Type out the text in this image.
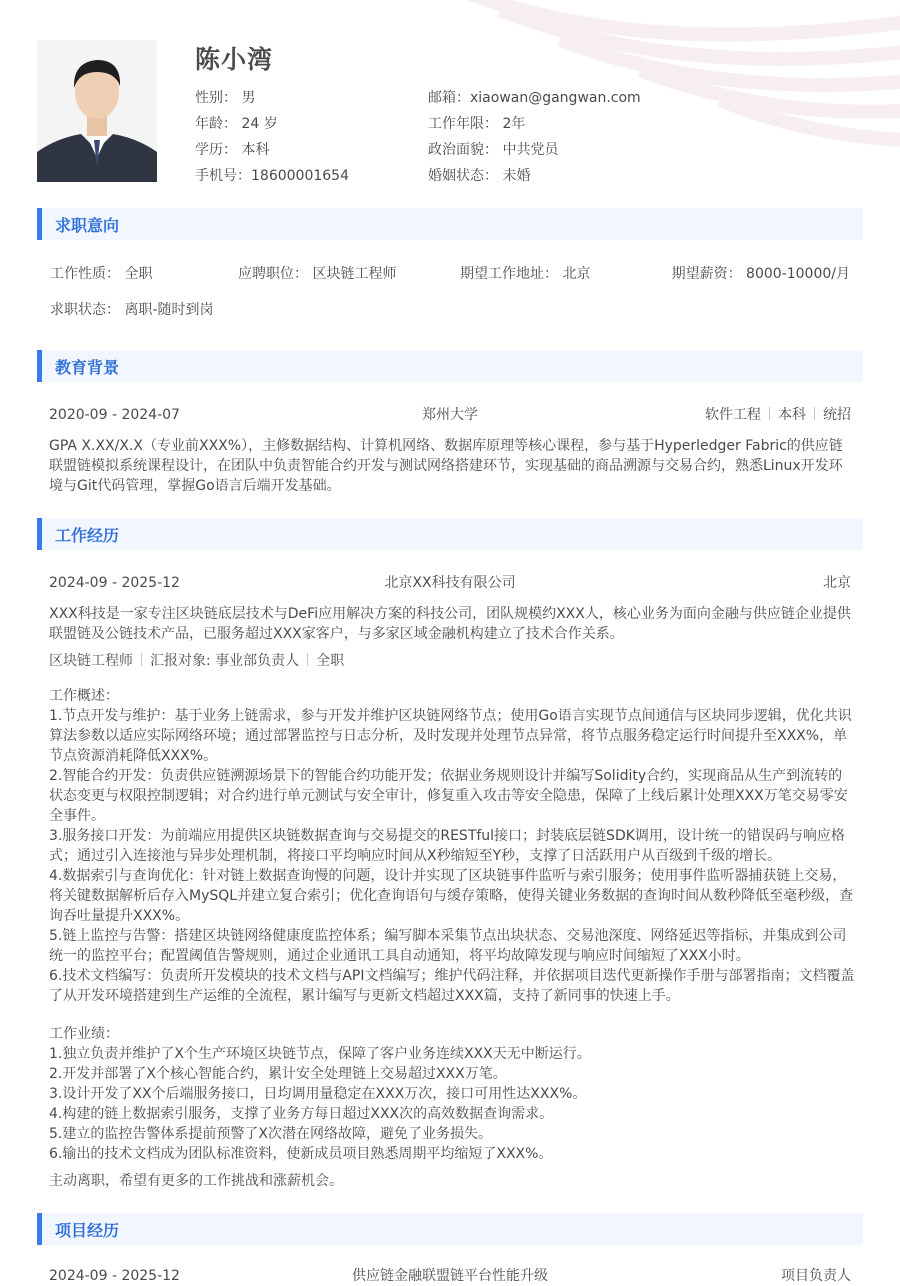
陈小湾
性别： 男
年龄： 24 岁
学历： 本科
手机号：18600001654
邮箱：xiaowan@gangwan.com
工作年限： 2年
政治面貌： 中共党员
婚姻状态： 未婚
求职意向
工作性质： 全职	应聘职位： 区块链工程师	期望工作地址： 北京	期望薪资： 8000-10000/月
求职状态： 离职-随时到岗
教育背景
2020-09 - 2024-07	郑州大学	软件工程 本科 统招
GPA X.XX/X.X（专业前XXX%），主修数据结构、计算机网络、数据库原理等核心课程，参与基于Hyperledger Fabric的供应链联盟链模拟系统课程设计，在团队中负责智能合约开发与测试网络搭建环节，实现基础的商品溯源与交易合约，熟悉Linux开发环境与Git代码管理，掌握Go语言后端开发基础。
工作经历
2024-09 - 2025-12	北京XX科技有限公司	北京
XXX科技是一家专注区块链底层技术与DeFi应用解决方案的科技公司，团队规模约XXX人，核心业务为面向金融与供应链企业提供联盟链及公链技术产品，已服务超过XXX家客户，与多家区域金融机构建立了技术合作关系。
区块链工程师 汇报对象: 事业部负责人 全职
工作概述：
1.节点开发与维护：基于业务上链需求，参与开发并维护区块链网络节点；使用Go语言实现节点间通信与区块同步逻辑，优化共识算法参数以适应实际网络环境；通过部署监控与日志分析，及时发现并处理节点异常，将节点服务稳定运行时间提升至XXX%，单节点资源消耗降低XXX%。
2.智能合约开发：负责供应链溯源场景下的智能合约功能开发；依据业务规则设计并编写Solidity合约，实现商品从生产到流转的状态变更与权限控制逻辑；对合约进行单元测试与安全审计，修复重入攻击等安全隐患，保障了上线后累计处理XXX万笔交易零安全事件。
3.服务接口开发：为前端应用提供区块链数据查询与交易提交的RESTful接口；封装底层链SDK调用，设计统一的错误码与响应格式；通过引入连接池与异步处理机制，将接口平均响应时间从X秒缩短至Y秒，支撑了日活跃用户从百级到千级的增长。
4.数据索引与查询优化：针对链上数据查询慢的问题，设计并实现了区块链事件监听与索引服务；使用事件监听器捕获链上交易，将关键数据解析后存入MySQL并建立复合索引；优化查询语句与缓存策略，使得关键业务数据的查询时间从数秒降低至毫秒级，查询吞吐量提升XXX%。
5.链上监控与告警：搭建区块链网络健康度监控体系；编写脚本采集节点出块状态、交易池深度、网络延迟等指标，并集成到公司统一的监控平台；配置阈值告警规则，通过企业通讯工具自动通知，将平均故障发现与响应时间缩短了XXX小时。
6.技术文档编写：负责所开发模块的技术文档与API文档编写；维护代码注释，并依据项目迭代更新操作手册与部署指南；文档覆盖了从开发环境搭建到生产运维的全流程，累计编写与更新文档超过XXX篇，支持了新同事的快速上手。
工作业绩：
1.独立负责并维护了X个生产环境区块链节点，保障了客户业务连续XXX天无中断运行。
2.开发并部署了X个核心智能合约，累计安全处理链上交易超过XXX万笔。
3.设计开发了XX个后端服务接口，日均调用量稳定在XXX万次，接口可用性达XXX%。
4.构建的链上数据索引服务，支撑了业务方每日超过XXX次的高效数据查询需求。
5.建立的监控告警体系提前预警了X次潜在网络故障，避免了业务损失。
6.输出的技术文档成为团队标准资料，使新成员项目熟悉周期平均缩短了XXX%。
主动离职，希望有更多的工作挑战和涨薪机会。
项目经历
2024-09 - 2025-12	供应链金融联盟链平台性能升级	项目负责人
